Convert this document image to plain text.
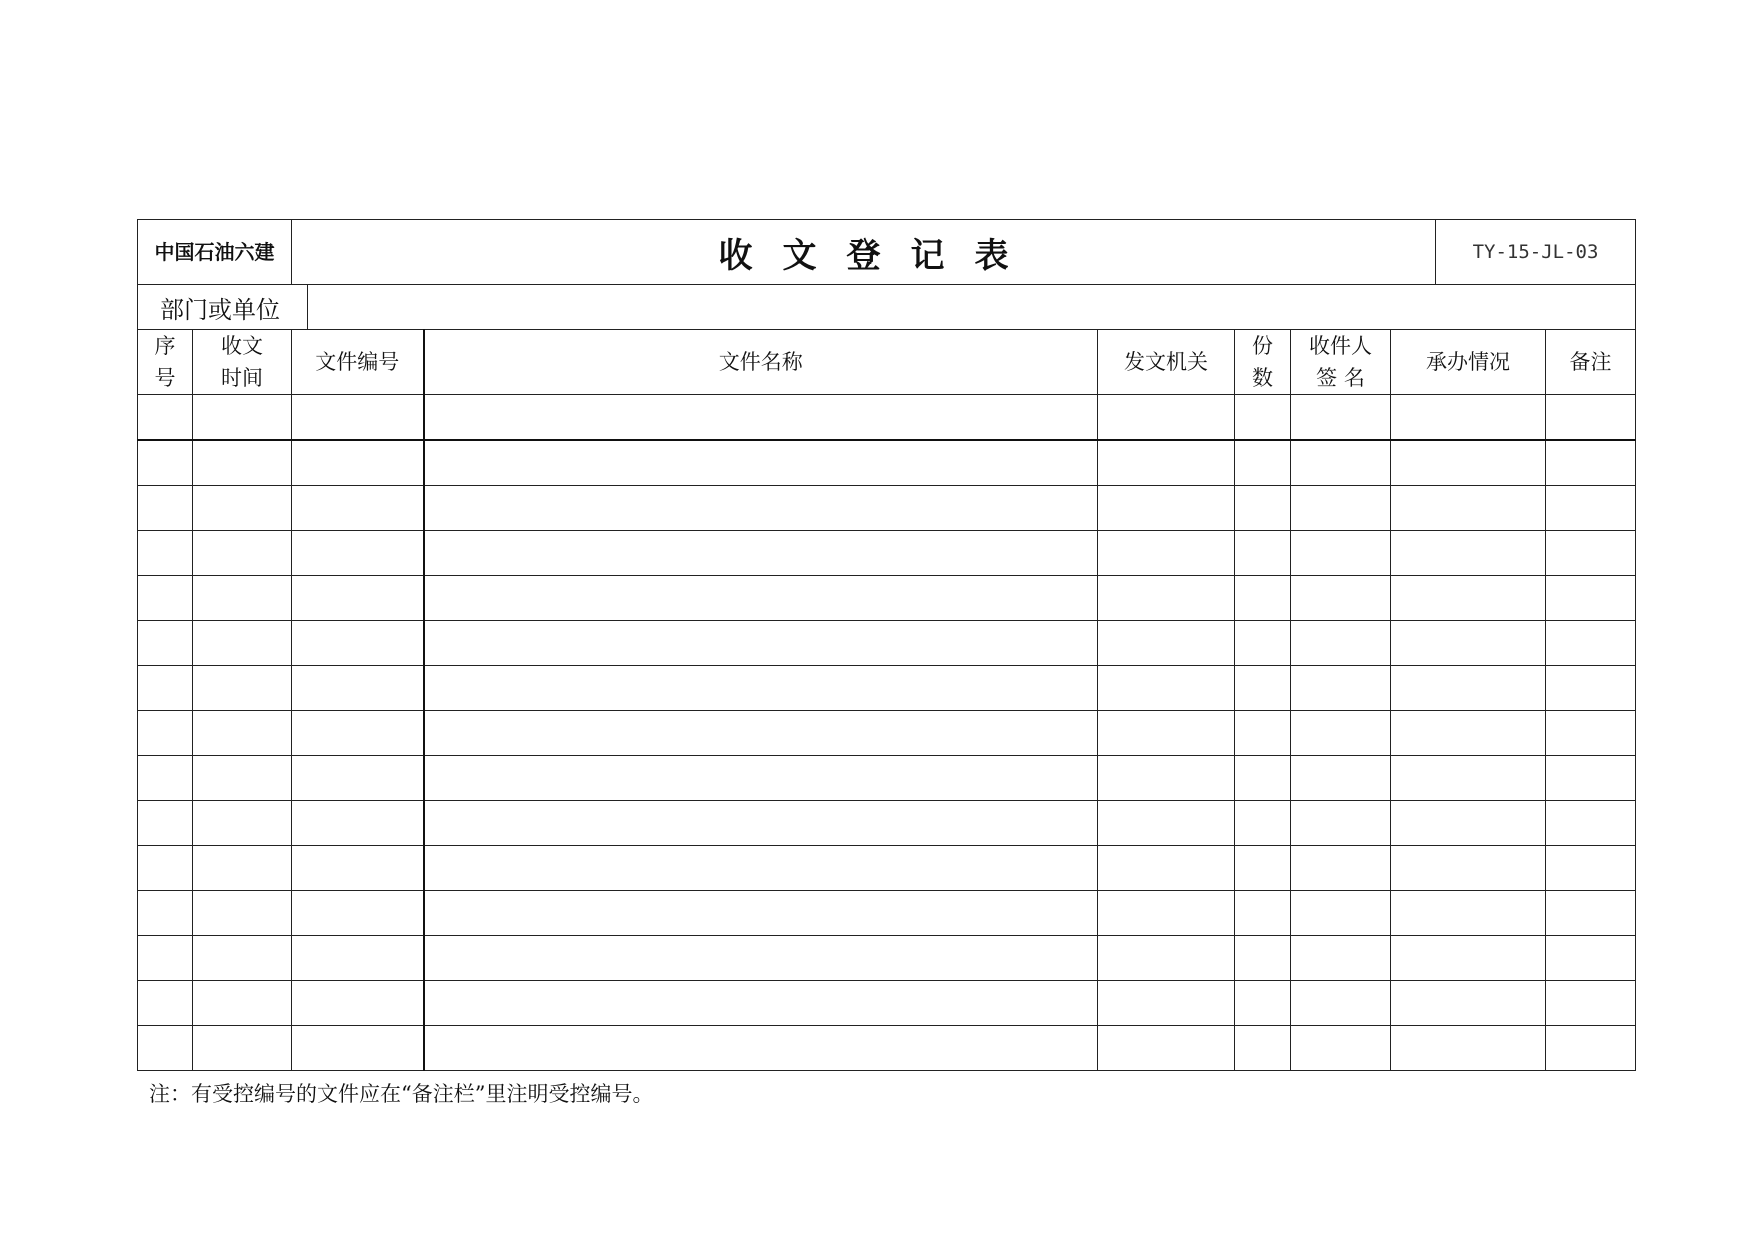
中国石油六建	收文登记表	TY-15-JL-03
部门或单位	
序号	收文时间	文件编号	文件名称	发文机关	份数	收件人签 名	承办情况	备注

注：有受控编号的文件应在“备注栏”里注明受控编号。
